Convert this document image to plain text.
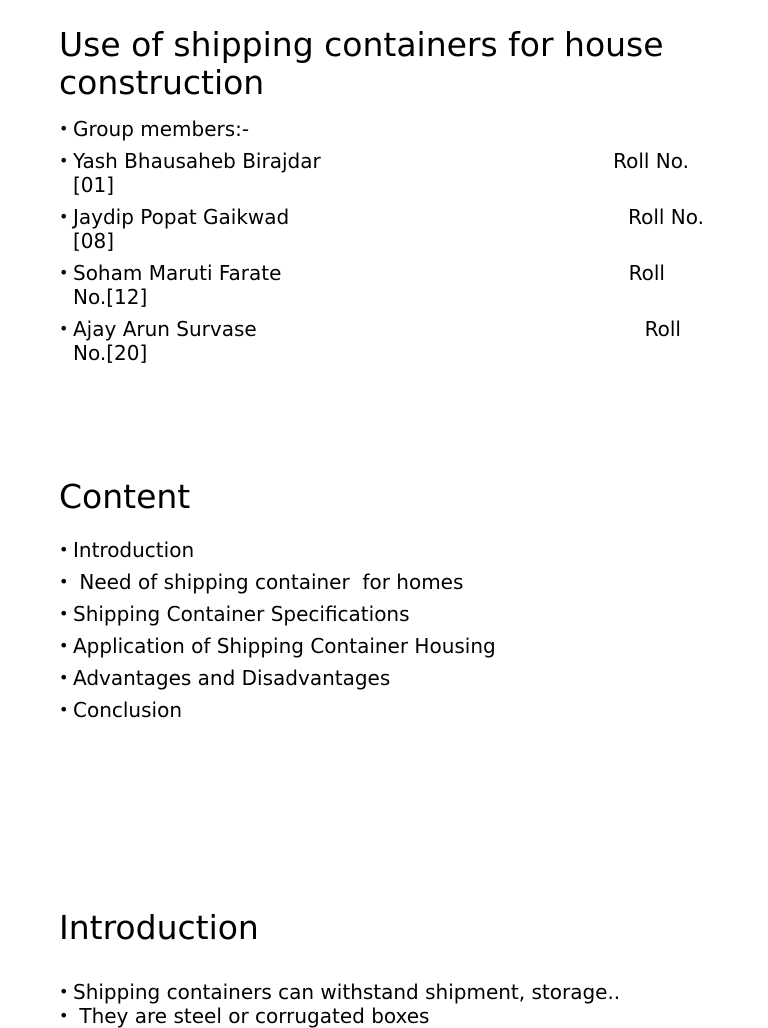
Use of shipping containers for house construction
• Group members:-
• Yash Bhausaheb Birajdar	Roll No.
[01]
• Jaydip Popat Gaikwad	Roll No.
[08]
• Soham Maruti Farate	Roll
No.[12]
• Ajay Arun Survase	Roll
No.[20]
Content
• Introduction
•  Need of shipping container  for homes
• Shipping Container Specifications
• Application of Shipping Container Housing
• Advantages and Disadvantages
• Conclusion
Introduction
• Shipping containers can withstand shipment, storage..
•  They are steel or corrugated boxes
